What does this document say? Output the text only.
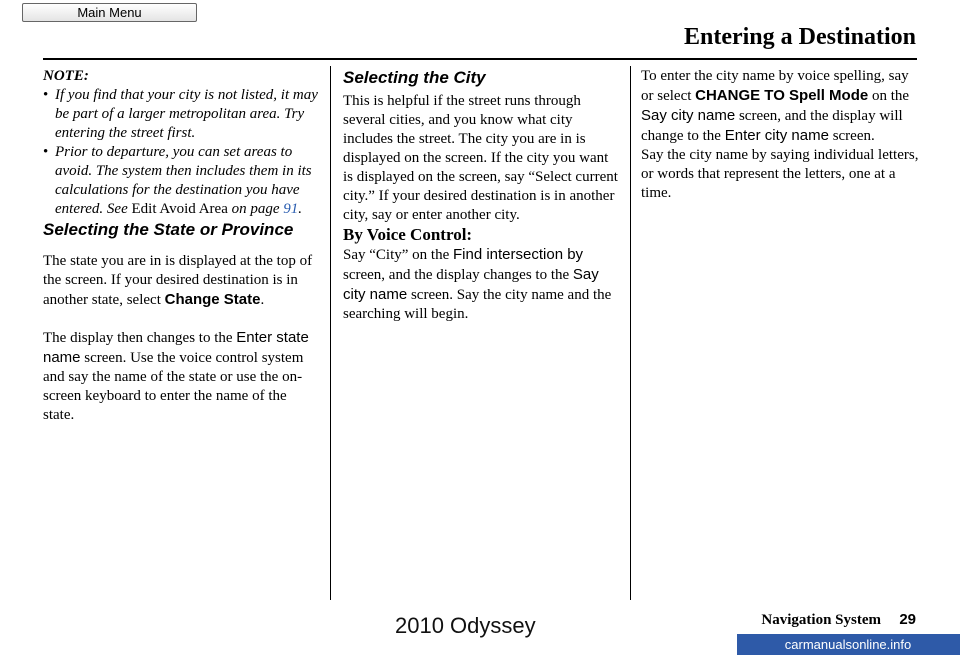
Main Menu
Entering a Destination

NOTE:

• If you find that your city is not listed, it may be part of a larger metropolitan area. Try entering the street first.
• Prior to departure, you can set areas to avoid. The system then includes them in its calculations for the destination you have entered. See Edit Avoid Area on page 91.
Selecting the State or Province

The state you are in is displayed at the top of the screen. If your desired destination is in another state, select Change State.

The display then changes to the Enter state name screen. Use the voice control system and say the name of the state or use the on-screen keyboard to enter the name of the state.

Selecting the City

This is helpful if the street runs through several cities, and you know what city includes the street. The city you are in is displayed on the screen. If the city you want is displayed on the screen, say “Select current city.” If your desired destination is in another city, say or enter another city.

By Voice Control:

Say “City” on the Find intersection by screen, and the display changes to the Say city name screen. Say the city name and the searching will begin.

To enter the city name by voice spelling, say or select CHANGE TO Spell Mode on the Say city name screen, and the display will change to the Enter city name screen.

Say the city name by saying individual letters, or words that represent the letters, one at a time.

Navigation System 29
2010 Odyssey
carmanualsonline.info
